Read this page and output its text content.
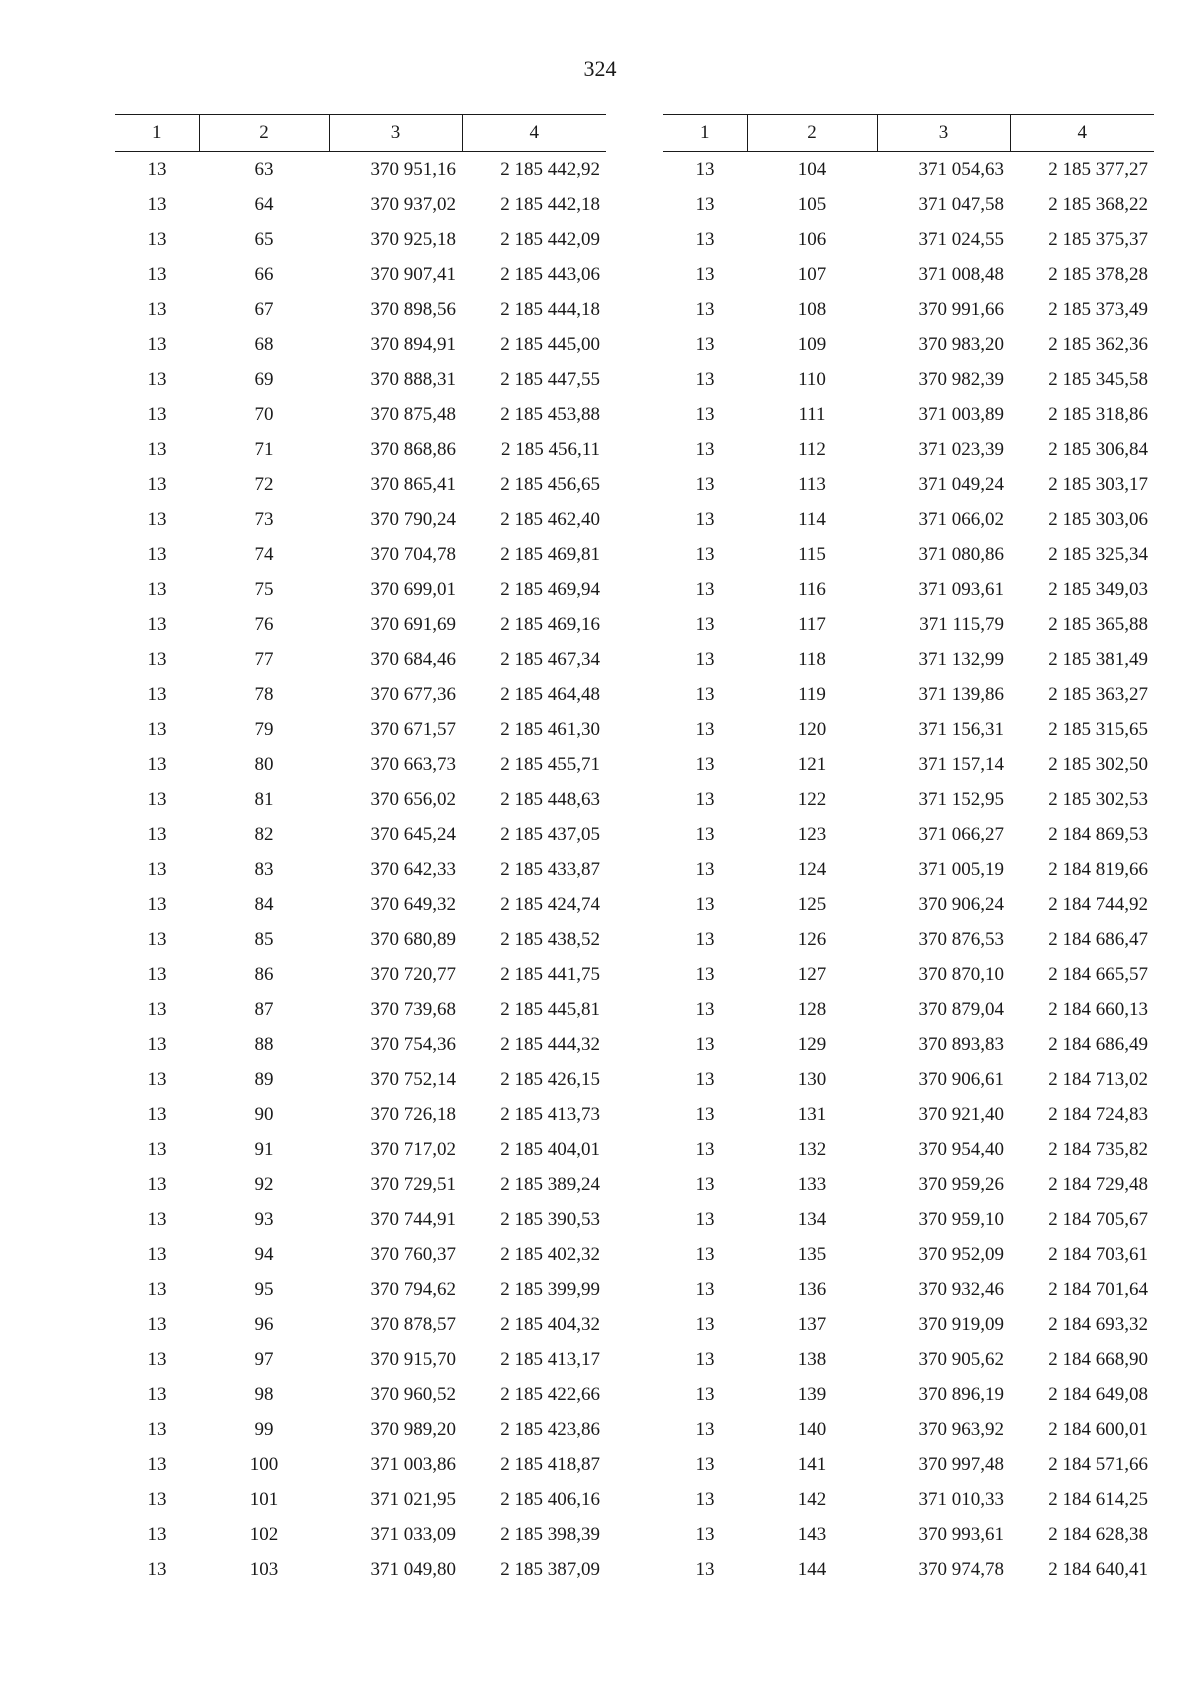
324
1	2	3	4
13	63	370 951,16	2 185 442,92
13	64	370 937,02	2 185 442,18
13	65	370 925,18	2 185 442,09
13	66	370 907,41	2 185 443,06
13	67	370 898,56	2 185 444,18
13	68	370 894,91	2 185 445,00
13	69	370 888,31	2 185 447,55
13	70	370 875,48	2 185 453,88
13	71	370 868,86	2 185 456,11
13	72	370 865,41	2 185 456,65
13	73	370 790,24	2 185 462,40
13	74	370 704,78	2 185 469,81
13	75	370 699,01	2 185 469,94
13	76	370 691,69	2 185 469,16
13	77	370 684,46	2 185 467,34
13	78	370 677,36	2 185 464,48
13	79	370 671,57	2 185 461,30
13	80	370 663,73	2 185 455,71
13	81	370 656,02	2 185 448,63
13	82	370 645,24	2 185 437,05
13	83	370 642,33	2 185 433,87
13	84	370 649,32	2 185 424,74
13	85	370 680,89	2 185 438,52
13	86	370 720,77	2 185 441,75
13	87	370 739,68	2 185 445,81
13	88	370 754,36	2 185 444,32
13	89	370 752,14	2 185 426,15
13	90	370 726,18	2 185 413,73
13	91	370 717,02	2 185 404,01
13	92	370 729,51	2 185 389,24
13	93	370 744,91	2 185 390,53
13	94	370 760,37	2 185 402,32
13	95	370 794,62	2 185 399,99
13	96	370 878,57	2 185 404,32
13	97	370 915,70	2 185 413,17
13	98	370 960,52	2 185 422,66
13	99	370 989,20	2 185 423,86
13	100	371 003,86	2 185 418,87
13	101	371 021,95	2 185 406,16
13	102	371 033,09	2 185 398,39
13	103	371 049,80	2 185 387,09
1	2	3	4
13	104	371 054,63	2 185 377,27
13	105	371 047,58	2 185 368,22
13	106	371 024,55	2 185 375,37
13	107	371 008,48	2 185 378,28
13	108	370 991,66	2 185 373,49
13	109	370 983,20	2 185 362,36
13	110	370 982,39	2 185 345,58
13	111	371 003,89	2 185 318,86
13	112	371 023,39	2 185 306,84
13	113	371 049,24	2 185 303,17
13	114	371 066,02	2 185 303,06
13	115	371 080,86	2 185 325,34
13	116	371 093,61	2 185 349,03
13	117	371 115,79	2 185 365,88
13	118	371 132,99	2 185 381,49
13	119	371 139,86	2 185 363,27
13	120	371 156,31	2 185 315,65
13	121	371 157,14	2 185 302,50
13	122	371 152,95	2 185 302,53
13	123	371 066,27	2 184 869,53
13	124	371 005,19	2 184 819,66
13	125	370 906,24	2 184 744,92
13	126	370 876,53	2 184 686,47
13	127	370 870,10	2 184 665,57
13	128	370 879,04	2 184 660,13
13	129	370 893,83	2 184 686,49
13	130	370 906,61	2 184 713,02
13	131	370 921,40	2 184 724,83
13	132	370 954,40	2 184 735,82
13	133	370 959,26	2 184 729,48
13	134	370 959,10	2 184 705,67
13	135	370 952,09	2 184 703,61
13	136	370 932,46	2 184 701,64
13	137	370 919,09	2 184 693,32
13	138	370 905,62	2 184 668,90
13	139	370 896,19	2 184 649,08
13	140	370 963,92	2 184 600,01
13	141	370 997,48	2 184 571,66
13	142	371 010,33	2 184 614,25
13	143	370 993,61	2 184 628,38
13	144	370 974,78	2 184 640,41
